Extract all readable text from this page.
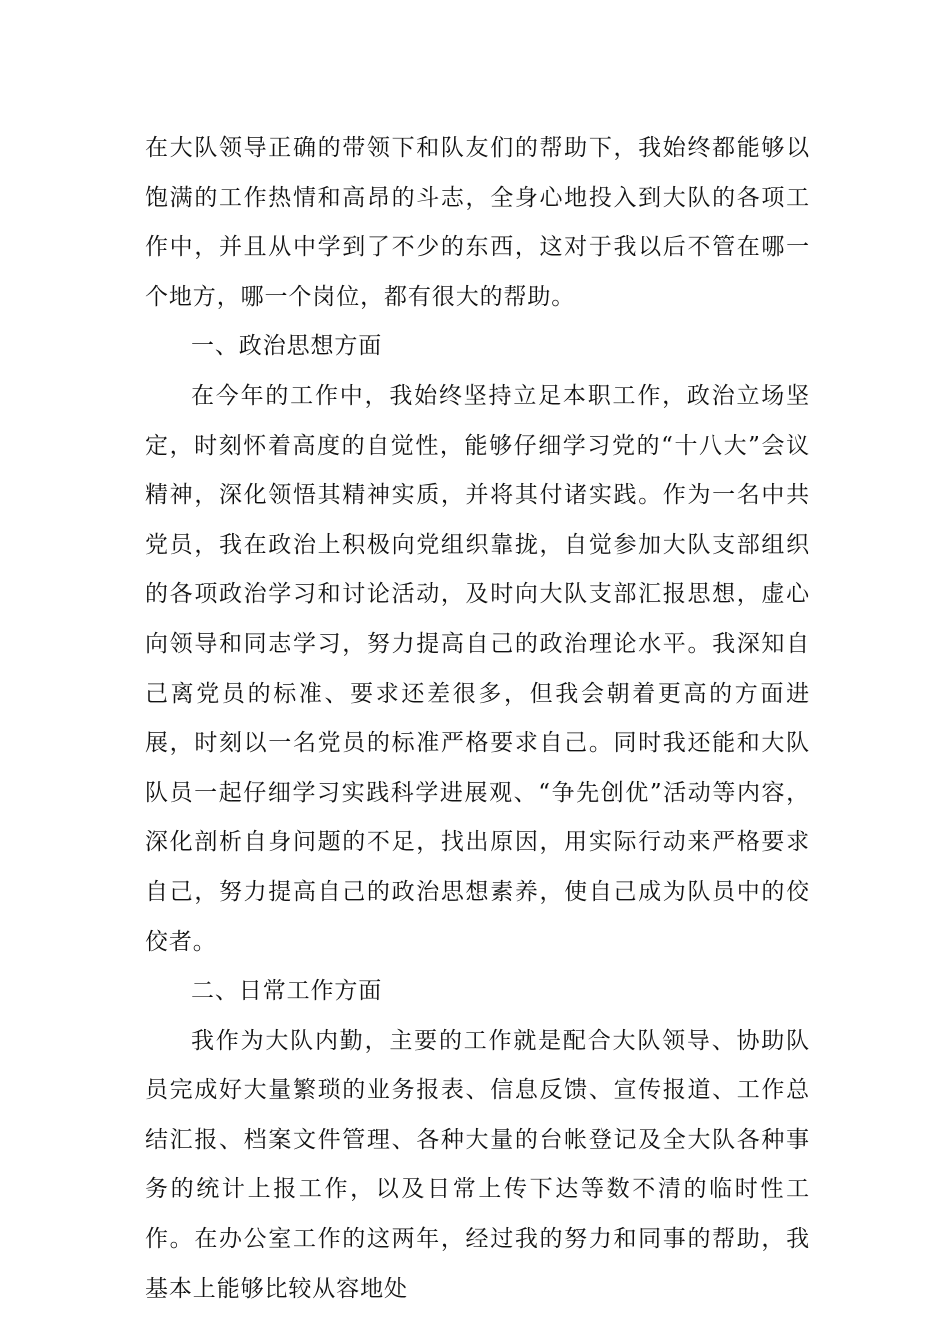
在大队领导正确的带领下和队友们的帮助下，我始终都能够以饱满的工作热情和高昂的斗志，全身心地投入到大队的各项工作中，并且从中学到了不少的东西，这对于我以后不管在哪一个地方，哪一个岗位，都有很大的帮助。

一、政治思想方面

在今年的工作中，我始终坚持立足本职工作，政治立场坚定，时刻怀着高度的自觉性，能够仔细学习党的“十八大”会议精神，深化领悟其精神实质，并将其付诸实践。作为一名中共党员，我在政治上积极向党组织靠拢，自觉参加大队支部组织的各项政治学习和讨论活动，及时向大队支部汇报思想，虚心向领导和同志学习，努力提高自己的政治理论水平。我深知自己离党员的标准、要求还差很多，但我会朝着更高的方面进展，时刻以一名党员的标准严格要求自己。同时我还能和大队队员一起仔细学习实践科学进展观、“争先创优”活动等内容，深化剖析自身问题的不足，找出原因，用实际行动来严格要求自己，努力提高自己的政治思想素养，使自己成为队员中的佼佼者。

二、日常工作方面

我作为大队内勤，主要的工作就是配合大队领导、协助队员完成好大量繁琐的业务报表、信息反馈、宣传报道、工作总结汇报、档案文件管理、各种大量的台帐登记及全大队各种事务的统计上报工作，以及日常上传下达等数不清的临时性工作。在办公室工作的这两年，经过我的努力和同事的帮助，我基本上能够比较从容地处
